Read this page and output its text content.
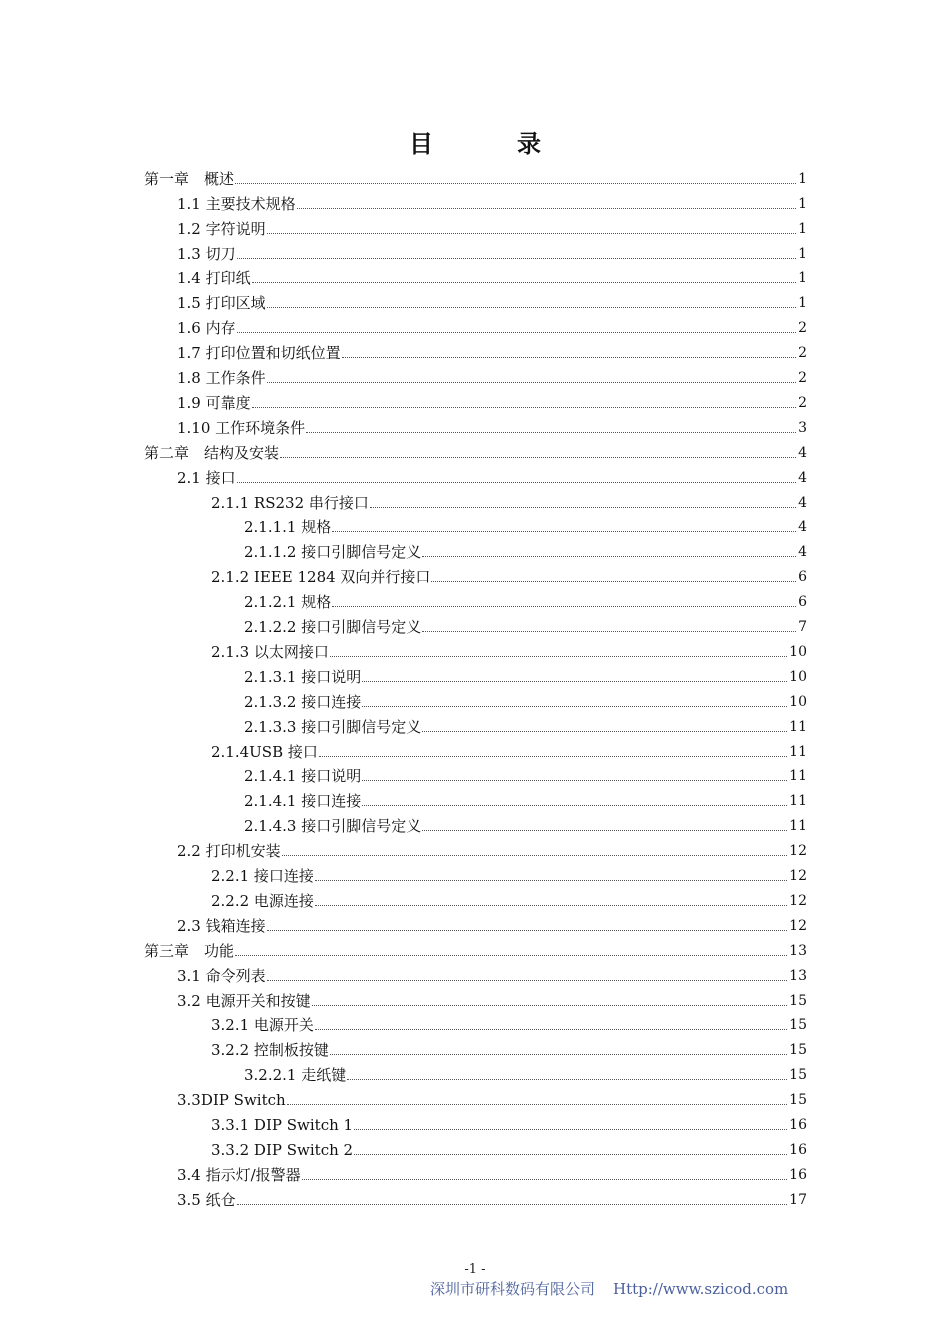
目　录
第一章　概述	1
1.1 主要技术规格	1
1.2 字符说明	1
1.3 切刀	1
1.4 打印纸	1
1.5 打印区域	1
1.6 内存	2
1.7 打印位置和切纸位置	2
1.8 工作条件	2
1.9 可靠度	2
1.10 工作环境条件	3
第二章　结构及安装	4
2.1 接口	4
2.1.1 RS232 串行接口	4
2.1.1.1 规格	4
2.1.1.2 接口引脚信号定义	4
2.1.2 IEEE 1284 双向并行接口	6
2.1.2.1 规格	6
2.1.2.2 接口引脚信号定义	7
2.1.3 以太网接口	10
2.1.3.1 接口说明	10
2.1.3.2 接口连接	10
2.1.3.3 接口引脚信号定义	11
2.1.4USB 接口	11
2.1.4.1 接口说明	11
2.1.4.1 接口连接	11
2.1.4.3 接口引脚信号定义	11
2.2 打印机安装	12
2.2.1 接口连接	12
2.2.2 电源连接	12
2.3 钱箱连接	12
第三章　功能	13
3.1 命令列表	13
3.2 电源开关和按键	15
3.2.1 电源开关	15
3.2.2 控制板按键	15
3.2.2.1 走纸键	15
3.3DIP Switch	15
3.3.1 DIP Switch 1	16
3.3.2 DIP Switch 2	16
3.4 指示灯/报警器	16
3.5 纸仓	17
-1 -
深圳市研科数码有限公司 Http://www.szicod.com
